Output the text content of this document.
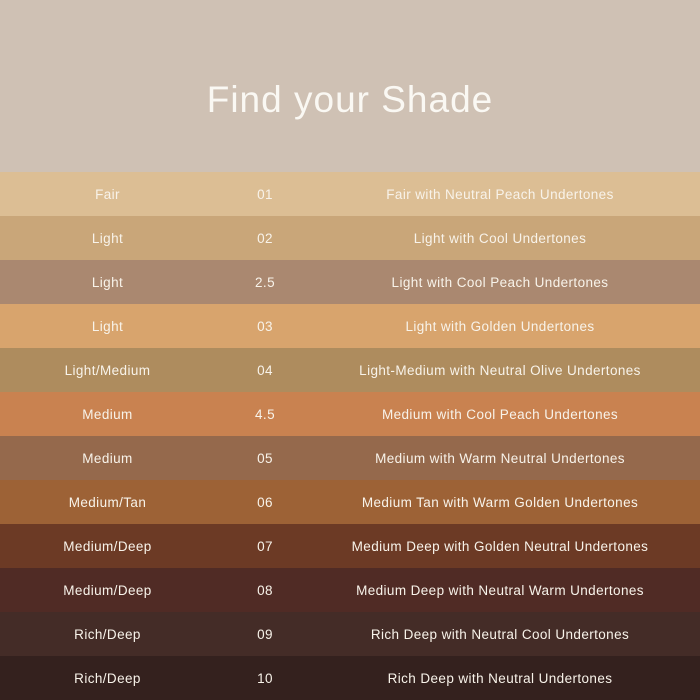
Find your Shade
Fair	01	Fair with Neutral Peach Undertones
Light	02	Light with Cool Undertones
Light	2.5	Light with Cool Peach Undertones
Light	03	Light with Golden Undertones
Light/Medium	04	Light-Medium with Neutral Olive Undertones
Medium	4.5	Medium with Cool Peach Undertones
Medium	05	Medium with Warm Neutral Undertones
Medium/Tan	06	Medium Tan with Warm Golden Undertones
Medium/Deep	07	Medium Deep with Golden Neutral Undertones
Medium/Deep	08	Medium Deep with Neutral Warm Undertones
Rich/Deep	09	Rich Deep with Neutral Cool Undertones
Rich/Deep	10	Rich Deep with Neutral Undertones
